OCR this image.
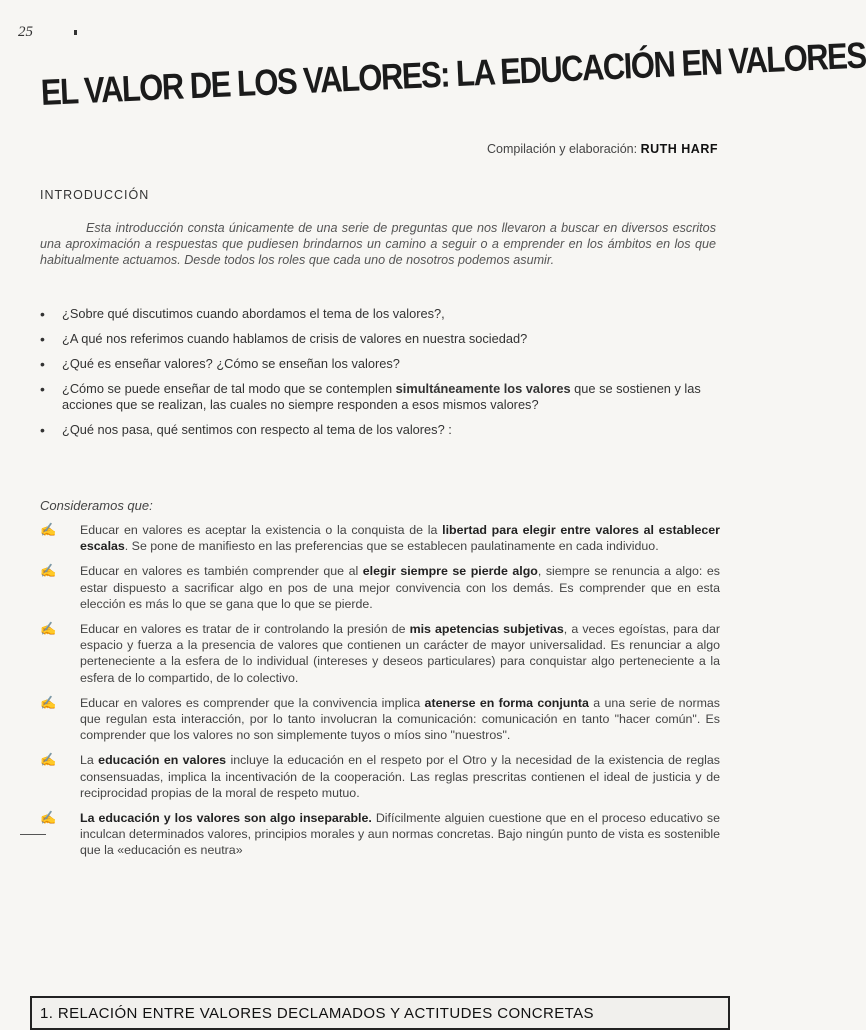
25
EL VALOR DE LOS VALORES: LA EDUCACIÓN EN VALORES
Compilación y elaboración: RUTH HARF
INTRODUCCIÓN

Esta introducción consta únicamente de una serie de preguntas que nos llevaron a buscar en diversos escritos una aproximación a respuestas que pudiesen brindarnos un camino a seguir o a emprender en los ámbitos en los que habitualmente actuamos. Desde todos los roles que cada uno de nosotros podemos asumir.

• ¿Sobre qué discutimos cuando abordamos el tema de los valores?,
• ¿A qué nos referimos cuando hablamos de crisis de valores en nuestra sociedad?
• ¿Qué es enseñar valores? ¿Cómo se enseñan los valores?
• ¿Cómo se puede enseñar de tal modo que se contemplen simultáneamente los valores que se sostienen y las acciones que se realizan, las cuales no siempre responden a esos mismos valores?
• ¿Qué nos pasa, qué sentimos con respecto al tema de los valores? :
Consideramos que:
✍ Educar en valores es aceptar la existencia o la conquista de la libertad para elegir entre valores al establecer escalas. Se pone de manifiesto en las preferencias que se establecen paulatinamente en cada individuo.
✍ Educar en valores es también comprender que al elegir siempre se pierde algo, siempre se renuncia a algo: es estar dispuesto a sacrificar algo en pos de una mejor convivencia con los demás. Es comprender que en esta elección es más lo que se gana que lo que se pierde.
✍ Educar en valores es tratar de ir controlando la presión de mis apetencias subjetivas, a veces egoístas, para dar espacio y fuerza a la presencia de valores que contienen un carácter de mayor universalidad. Es renunciar a algo perteneciente a la esfera de lo individual (intereses y deseos particulares) para conquistar algo perteneciente a la esfera de lo compartido, de lo colectivo.
✍ Educar en valores es comprender que la convivencia implica atenerse en forma conjunta a una serie de normas que regulan esta interacción, por lo tanto involucran la comunicación: comunicación en tanto "hacer común". Es comprender que los valores no son simplemente tuyos o míos sino "nuestros".
✍ La educación en valores incluye la educación en el respeto por el Otro y la necesidad de la existencia de reglas consensuadas, implica la incentivación de la cooperación. Las reglas prescritas contienen el ideal de justicia y de reciprocidad propias de la moral de respeto mutuo.
✍ La educación y los valores son algo inseparable. Difícilmente alguien cuestione que en el proceso educativo se inculcan determinados valores, principios morales y aun normas concretas. Bajo ningún punto de vista es sostenible que la «educación es neutra»
1. RELACIÓN ENTRE VALORES DECLAMADOS Y ACTITUDES CONCRETAS
